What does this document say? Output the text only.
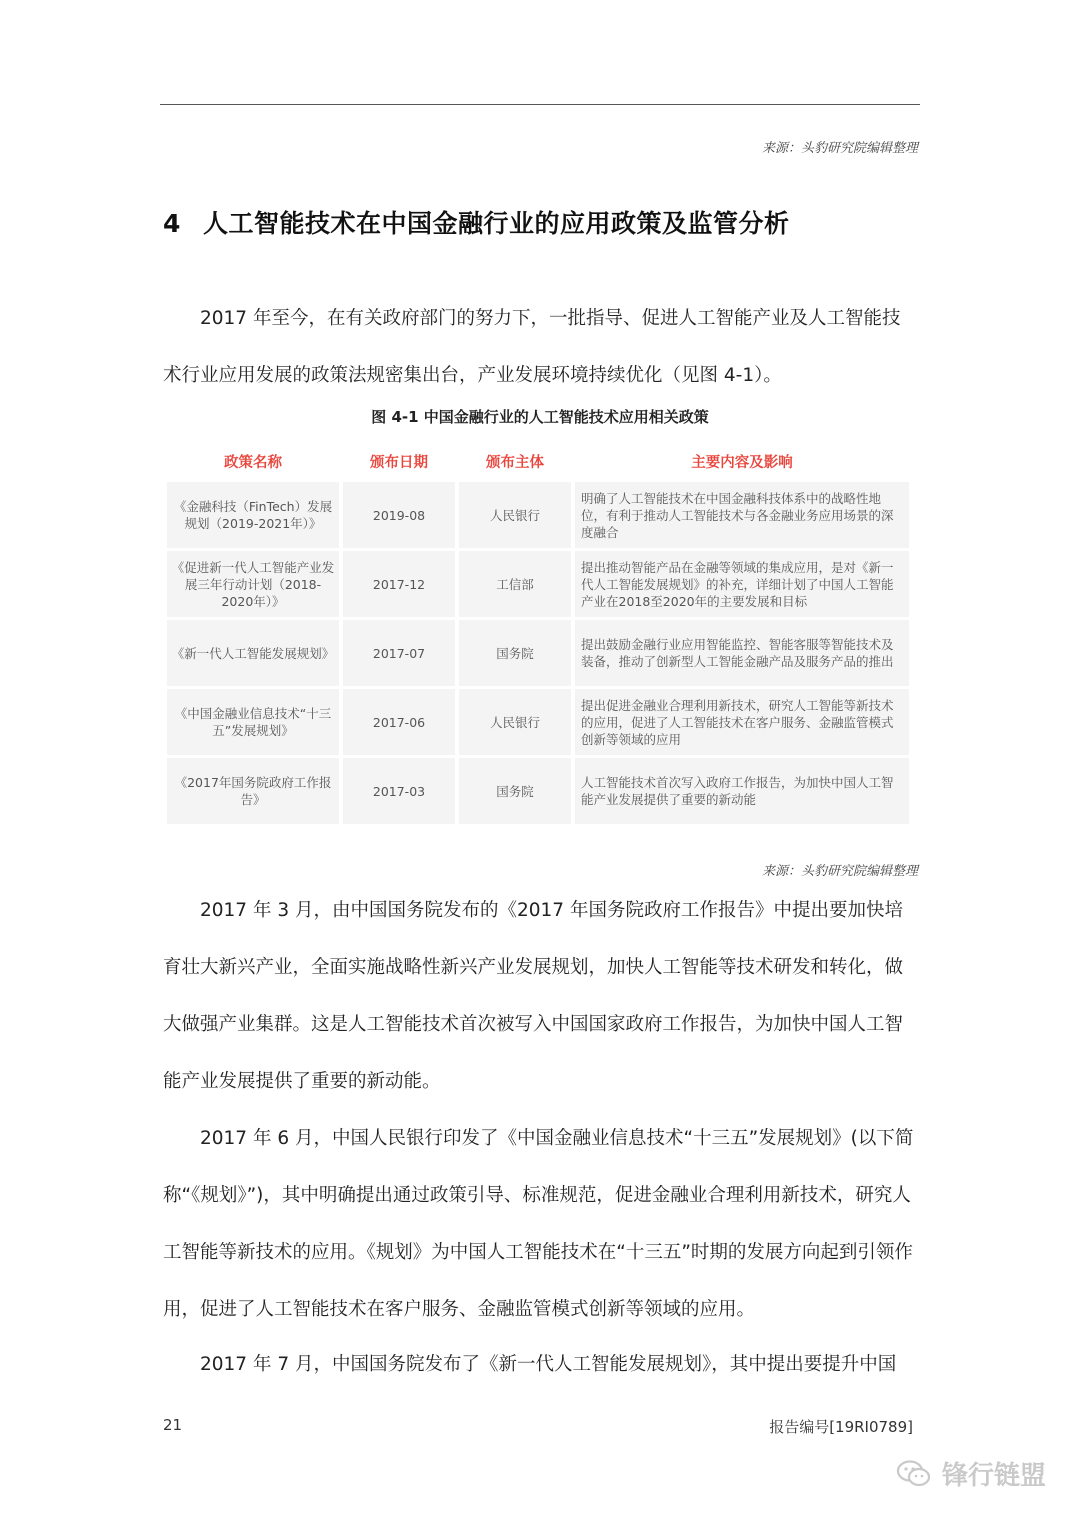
来源：头豹研究院编辑整理
4 人工智能技术在中国金融行业的应用政策及监管分析

2017 年至今，在有关政府部门的努力下，一批指导、促进人工智能产业及人工智能技术行业应用发展的政策法规密集出台，产业发展环境持续优化（见图 4-1）。

图 4-1 中国金融行业的人工智能技术应用相关政策
政策名称	颁布日期	颁布主体	主要内容及影响
《金融科技（FinTech）发展规划（2019-2021年）》	2019-08	人民银行	明确了人工智能技术在中国金融科技体系中的战略性地位，有利于推动人工智能技术与各金融业务应用场景的深度融合
《促进新一代人工智能产业发展三年行动计划（2018-2020年）》	2017-12	工信部	提出推动智能产品在金融等领域的集成应用，是对《新一代人工智能发展规划》的补充，详细计划了中国人工智能产业在2018至2020年的主要发展和目标
《新一代人工智能发展规划》	2017-07	国务院	提出鼓励金融行业应用智能监控、智能客服等智能技术及装备，推动了创新型人工智能金融产品及服务产品的推出
《中国金融业信息技术“十三五”发展规划》	2017-06	人民银行	提出促进金融业合理利用新技术，研究人工智能等新技术的应用，促进了人工智能技术在客户服务、金融监管模式创新等领域的应用
《2017年国务院政府工作报告》	2017-03	国务院	人工智能技术首次写入政府工作报告，为加快中国人工智能产业发展提供了重要的新动能
来源：头豹研究院编辑整理

2017 年 3 月，由中国国务院发布的《2017 年国务院政府工作报告》中提出要加快培育壮大新兴产业，全面实施战略性新兴产业发展规划，加快人工智能等技术研发和转化，做大做强产业集群。这是人工智能技术首次被写入中国国家政府工作报告，为加快中国人工智能产业发展提供了重要的新动能。

2017 年 6 月，中国人民银行印发了《中国金融业信息技术“十三五”发展规划》(以下简称“《规划》”)，其中明确提出通过政策引导、标准规范，促进金融业合理利用新技术，研究人工智能等新技术的应用。《规划》为中国人工智能技术在“十三五”时期的发展方向起到引领作用，促进了人工智能技术在客户服务、金融监管模式创新等领域的应用。

2017 年 7 月，中国国务院发布了《新一代人工智能发展规划》，其中提出要提升中国

21	报告编号[19RI0789]
锋行链盟
